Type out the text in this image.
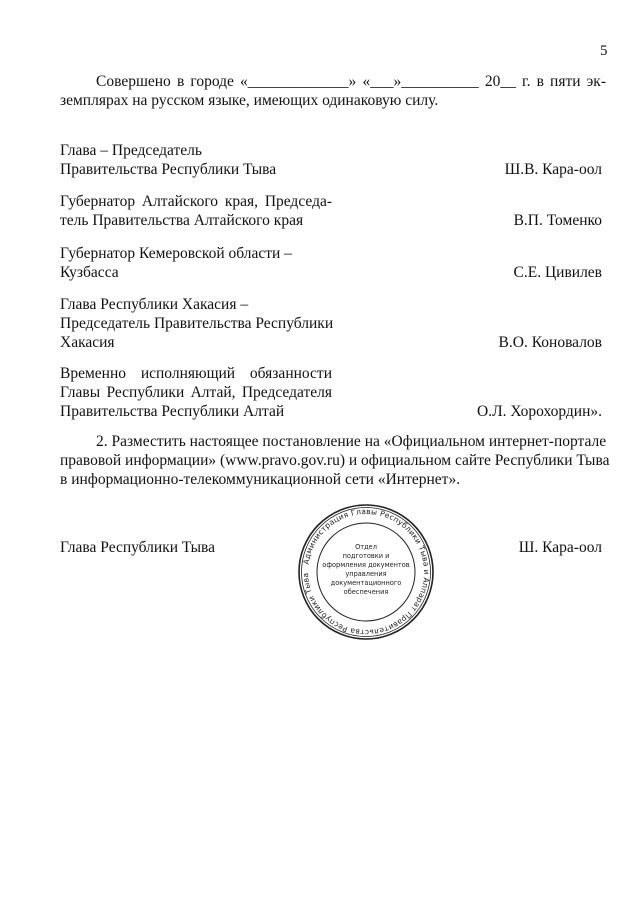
5
Совершено в городе «_____________» «___»__________ 20__ г. в пяти эк-
земплярах на русском языке, имеющих одинаковую силу.
Глава – Председатель
Правительства Республики Тыва	Ш.В. Кара-оол
Губернатор Алтайского края, Председа-
тель Правительства Алтайского края	В.П. Томенко
Губернатор Кемеровской области –
Кузбасса	С.Е. Цивилев
Глава Республики Хакасия –
Председатель Правительства Республики
Хакасия	В.О. Коновалов
Временно исполняющий обязанности
Главы Республики Алтай, Председателя
Правительства Республики Алтай	О.Л. Хорохордин».
2. Разместить настоящее постановление на «Официальном интернет-портале
правовой информации» (www.pravo.gov.ru) и официальном сайте Республики Тыва
в информационно-телекоммуникационной сети «Интернет».
Глава Республики Тыва	Ш. Кара-оол
Администрация Главы Республики Тыва и Аппарат Правительства Республики Тыва
Отдел
подготовки и
оформления документов
управления
документационного
обеспечения
